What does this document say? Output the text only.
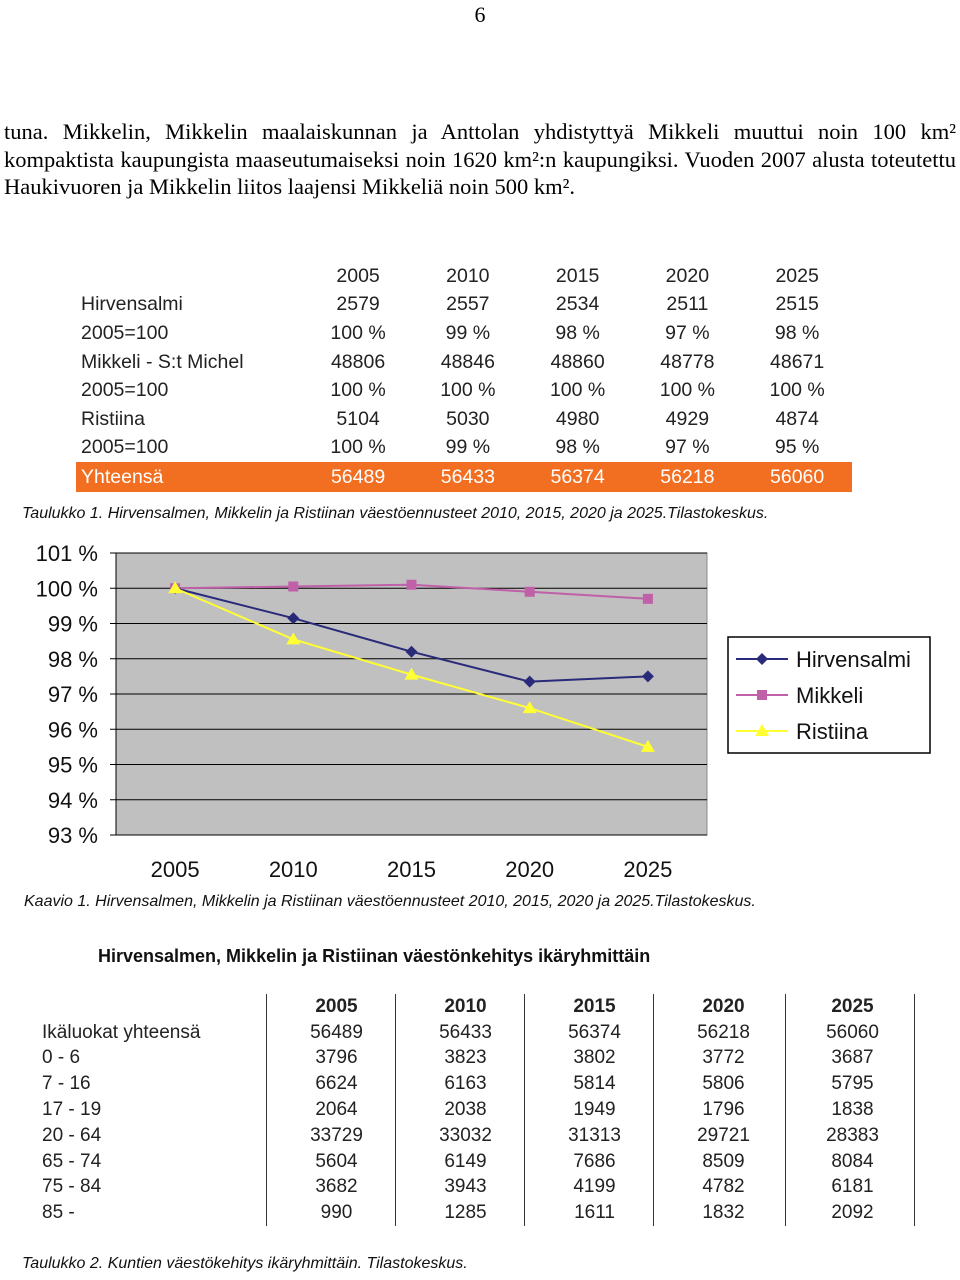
6
tuna. Mikkelin, Mikkelin maalaiskunnan ja Anttolan yhdistyttyä Mikkeli muuttui noin 100 km² kompaktista kaupungista maaseutumaiseksi noin 1620 km²:n kaupungiksi. Vuoden 2007 alusta toteutettu Haukivuoren ja Mikkelin liitos laajensi Mikkeliä noin 500 km².
2005	2010	2015	2020	2025
Hirvensalmi	2579	2557	2534	2511	2515
2005=100	100 %	99 %	98 %	97 %	98 %
Mikkeli - S:t Michel	48806	48846	48860	48778	48671
2005=100	100 %	100 %	100 %	100 %	100 %
Ristiina	5104	5030	4980	4929	4874
2005=100	100 %	99 %	98 %	97 %	95 %
Yhteensä	56489	56433	56374	56218	56060
Taulukko 1. Hirvensalmen, Mikkelin ja Ristiinan väestöennusteet 2010, 2015, 2020 ja 2025.Tilastokeskus.
93 %
94 %
95 %
96 %
97 %
98 %
99 %
100 %
101 %
2005	2010	2015	2020	2025
Hirvensalmi
Mikkeli
Ristiina
Kaavio 1. Hirvensalmen, Mikkelin ja Ristiinan väestöennusteet 2010, 2015, 2020 ja 2025.Tilastokeskus.
Hirvensalmen, Mikkelin ja Ristiinan väestönkehitys ikäryhmittäin
2005	2010	2015	2020	2025
Ikäluokat yhteensä	56489	56433	56374	56218	56060
0 - 6	3796	3823	3802	3772	3687
7 - 16	6624	6163	5814	5806	5795
17 - 19	2064	2038	1949	1796	1838
20 - 64	33729	33032	31313	29721	28383
65 - 74	5604	6149	7686	8509	8084
75 - 84	3682	3943	4199	4782	6181
85 -	990	1285	1611	1832	2092
Taulukko 2. Kuntien väestökehitys ikäryhmittäin. Tilastokeskus.
